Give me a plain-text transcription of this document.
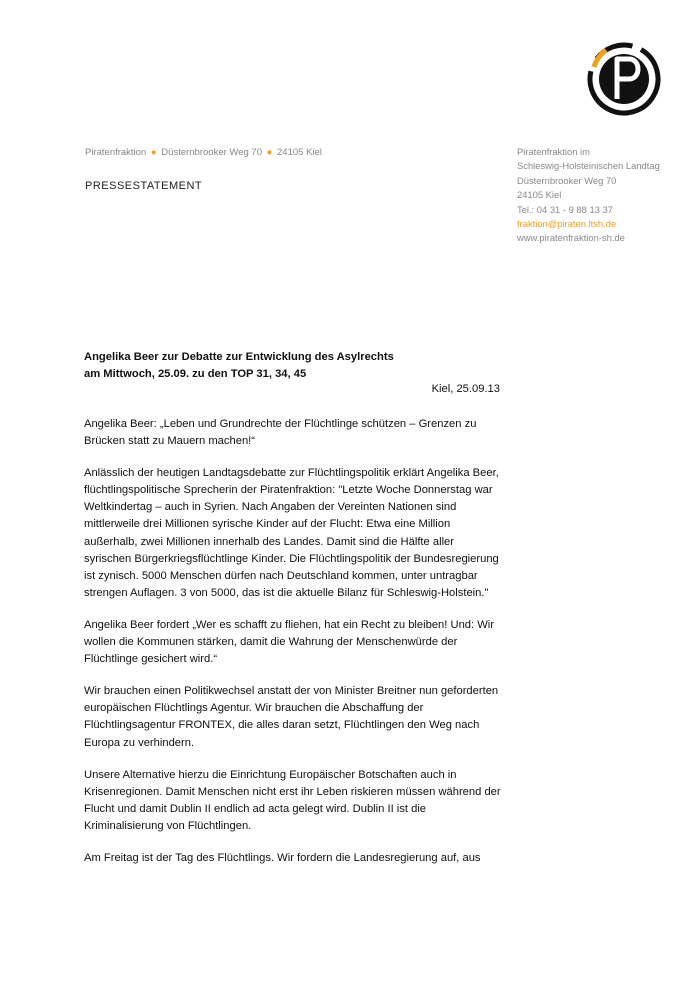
Piratenfraktion ● Düsternbrooker Weg 70 ● 24105 Kiel
PRESSESTATEMENT
Piratenfraktion im
Schleswig-Holsteinischen Landtag
Düsternbrooker Weg 70
24105 Kiel
Tel.: 04 31 - 9 88 13 37
fraktion@piraten.ltsh.de
www.piratenfraktion-sh.de
Angelika Beer zur Debatte zur Entwicklung des Asylrechts
am Mittwoch, 25.09. zu den TOP 31, 34, 45
Kiel, 25.09.13

Angelika Beer: „Leben und Grundrechte der Flüchtlinge schützen – Grenzen zu Brücken statt zu Mauern machen!“

Anlässlich der heutigen Landtagsdebatte zur Flüchtlingspolitik erklärt Angelika Beer, flüchtlingspolitische Sprecherin der Piratenfraktion: "Letzte Woche Donnerstag war Weltkindertag – auch in Syrien. Nach Angaben der Vereinten Nationen sind mittlerweile drei Millionen syrische Kinder auf der Flucht: Etwa eine Million außerhalb, zwei Millionen innerhalb des Landes. Damit sind die Hälfte aller syrischen Bürgerkriegsflüchtlinge Kinder. Die Flüchtlingspolitik der Bundesregierung ist zynisch. 5000 Menschen dürfen nach Deutschland kommen, unter untragbar strengen Auflagen. 3 von 5000, das ist die aktuelle Bilanz für Schleswig-Holstein."

Angelika Beer fordert „Wer es schafft zu fliehen, hat ein Recht zu bleiben! Und: Wir wollen die Kommunen stärken, damit die Wahrung der Menschenwürde der Flüchtlinge gesichert wird.“

Wir brauchen einen Politikwechsel anstatt der von Minister Breitner nun geforderten europäischen Flüchtlings Agentur. Wir brauchen die Abschaffung der Flüchtlingsagentur FRONTEX, die alles daran setzt, Flüchtlingen den Weg nach Europa zu verhindern.

Unsere Alternative hierzu die Einrichtung Europäischer Botschaften auch in Krisenregionen. Damit Menschen nicht erst ihr Leben riskieren müssen während der Flucht und damit Dublin II endlich ad acta gelegt wird. Dublin II ist die Kriminalisierung von Flüchtlingen.

Am Freitag ist der Tag des Flüchtlings. Wir fordern die Landesregierung auf, aus
